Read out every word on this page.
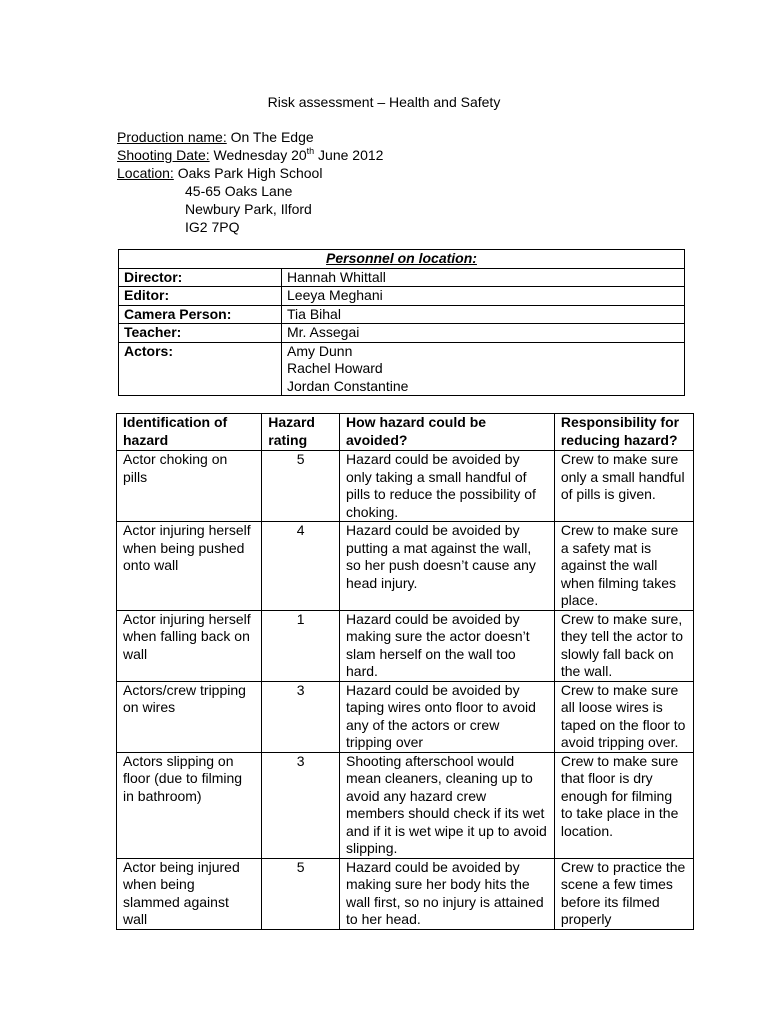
Risk assessment – Health and Safety
Production name: On The Edge
Shooting Date: Wednesday 20th June 2012
Location: Oaks Park High School
45-65 Oaks Lane
Newbury Park, Ilford
IG2 7PQ
Personnel on location:	
Director:	Hannah Whittall

Editor:	Leeya Meghani

Camera Person:	Tia Bihal

Teacher:	Mr. Assegai

Actors:	Amy Dunn
Rachel Howard
Jordan Constantine
Identification of hazard	Hazard rating	How hazard could be avoided?	Responsibility for reducing hazard?
Actor choking on pills	5	Hazard could be avoided by only taking a small handful of pills to reduce the possibility of choking.	Crew to make sure only a small handful of pills is given.
Actor injuring herself when being pushed onto wall	4	Hazard could be avoided by putting a mat against the wall, so her push doesn’t cause any head injury.	Crew to make sure a safety mat is against the wall when filming takes place.
Actor injuring herself when falling back on wall	1	Hazard could be avoided by making sure the actor doesn’t slam herself on the wall too hard.	Crew to make sure, they tell the actor to slowly fall back on the wall.
Actors/crew tripping on wires	3	Hazard could be avoided by taping wires onto floor to avoid any of the actors or crew tripping over	Crew to make sure all loose wires is taped on the floor to avoid tripping over.
Actors slipping on floor (due to filming in bathroom)	3	Shooting afterschool would mean cleaners, cleaning up to avoid any hazard crew members should check if its wet and if it is wet wipe it up to avoid slipping.	Crew to make sure that floor is dry enough for filming to take place in the location.
Actor being injured when being slammed against wall	5	Hazard could be avoided by making sure her body hits the wall first, so no injury is attained to her head.	Crew to practice the scene a few times before its filmed properly
